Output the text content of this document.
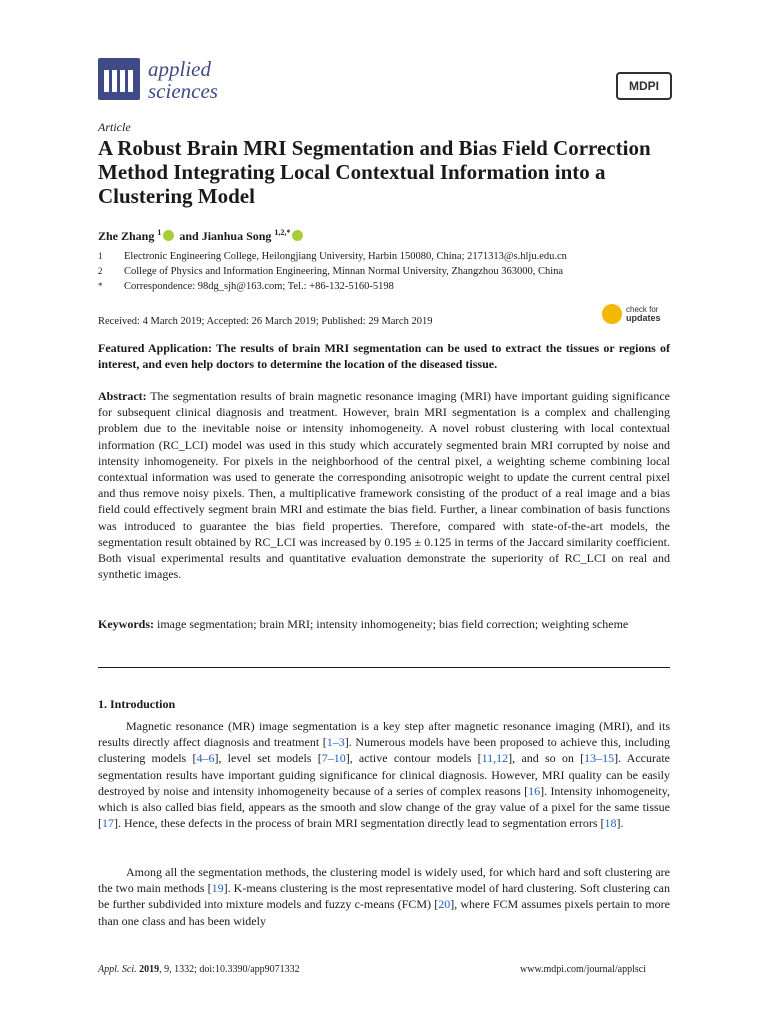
applied
sciences	MDPI
Article
A Robust Brain MRI Segmentation and Bias Field Correction Method Integrating Local Contextual Information into a Clustering Model
Zhe Zhang $^1$ and Jianhua Song $^{1,2,*}$
1 Electronic Engineering College, Heilongjiang University, Harbin 150080, China; 2171313@s.hlju.edu.cn
2 College of Physics and Information Engineering, Minnan Normal University, Zhangzhou 363000, China
* Correspondence: 98dg_sjh@163.com; Tel.: +86-132-5160-5198
Received: 4 March 2019; Accepted: 26 March 2019; Published: 29 March 2019
check for
updates
Featured Application: The results of brain MRI segmentation can be used to extract the tissues or regions of interest, and even help doctors to determine the location of the diseased tissue.
Abstract: The segmentation results of brain magnetic resonance imaging (MRI) have important guiding significance for subsequent clinical diagnosis and treatment. However, brain MRI segmentation is a complex and challenging problem due to the inevitable noise or intensity inhomogeneity. A novel robust clustering with local contextual information (RC_LCI) model was used in this study which accurately segmented brain MRI corrupted by noise and intensity inhomogeneity. For pixels in the neighborhood of the central pixel, a weighting scheme combining local contextual information was used to generate the corresponding anisotropic weight to update the current central pixel and thus remove noisy pixels. Then, a multiplicative framework consisting of the product of a real image and a bias field could effectively segment brain MRI and estimate the bias field. Further, a linear combination of basis functions was introduced to guarantee the bias field properties. Therefore, compared with state-of-the-art models, the segmentation result obtained by RC_LCI was increased by 0.195 ± 0.125 in terms of the Jaccard similarity coefficient. Both visual experimental results and quantitative evaluation demonstrate the superiority of RC_LCI on real and synthetic images.
Keywords: image segmentation; brain MRI; intensity inhomogeneity; bias field correction; weighting scheme
1. Introduction
Magnetic resonance (MR) image segmentation is a key step after magnetic resonance imaging (MRI), and its results directly affect diagnosis and treatment [1–3]. Numerous models have been proposed to achieve this, including clustering models [4–6], level set models [7–10], active contour models [11,12], and so on [13–15]. Accurate segmentation results have important guiding significance for clinical diagnosis. However, MRI quality can be easily destroyed by noise and intensity inhomogeneity because of a series of complex reasons [16]. Intensity inhomogeneity, which is also called bias field, appears as the smooth and slow change of the gray value of a pixel for the same tissue [17]. Hence, these defects in the process of brain MRI segmentation directly lead to segmentation errors [18].
Among all the segmentation methods, the clustering model is widely used, for which hard and soft clustering are the two main methods [19]. K-means clustering is the most representative model of hard clustering. Soft clustering can be further subdivided into mixture models and fuzzy c-means (FCM) [20], where FCM assumes pixels pertain to more than one class and has been widely
Appl. Sci. 2019, 9, 1332; doi:10.3390/app9071332	www.mdpi.com/journal/applsci
